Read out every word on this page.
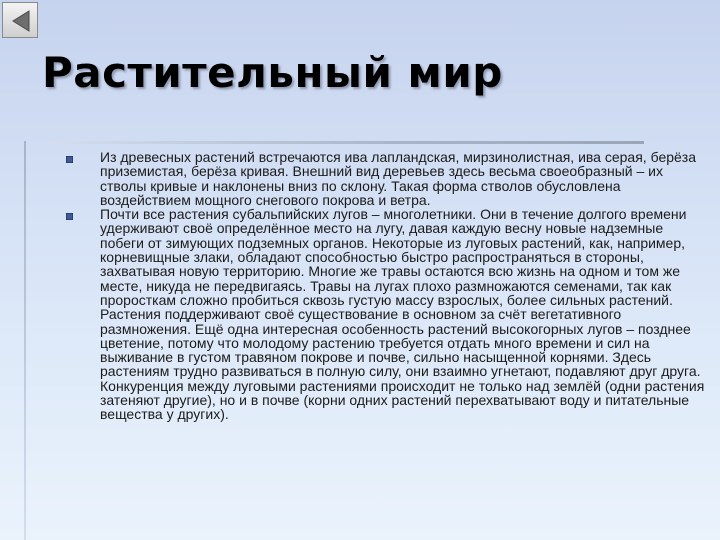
Растительный мир
Из древесных растений встречаются ива лапландская, мирзинолистная, ива серая, берёза приземистая, берёза кривая. Внешний вид деревьев здесь весьма своеобразный – их стволы кривые и наклонены вниз по склону. Такая форма стволов обусловлена воздействием мощного снегового покрова и ветра.
Почти все растения субальпийских лугов – многолетники. Они в течение долгого времени удерживают своё определённое место на лугу, давая каждую весну новые надземные побеги от зимующих подземных органов. Некоторые из луговых растений, как, например, корневищные злаки, обладают способностью быстро распространяться в стороны, захватывая новую территорию. Многие же травы остаются всю жизнь на одном и том же месте, никуда не передвигаясь. Травы на лугах плохо размножаются семенами, так как проросткам сложно пробиться сквозь густую массу взрослых, более сильных растений. Растения поддерживают своё существование в основном за счёт вегетативного размножения. Ещё одна интересная особенность растений высокогорных лугов – позднее цветение, потому что молодому растению требуется отдать много времени и сил на выживание в густом травяном покрове и почве, сильно насыщенной корнями. Здесь растениям трудно развиваться в полную силу, они взаимно угнетают, подавляют друг друга. Конкуренция между луговыми растениями происходит не только над землёй (одни растения затеняют другие), но и в почве (корни одних растений перехватывают воду и питательные вещества у других).
